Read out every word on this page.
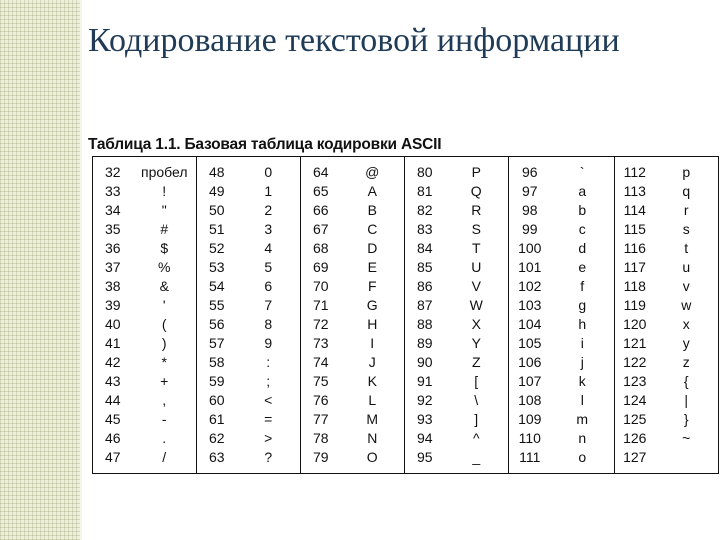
Кодирование текстовой информации
Таблица 1.1. Базовая таблица кодировки ASCII
32	пробел	48	0	64	@	80	P	96	`	112	p
33	!	49	1	65	A	81	Q	97	a	113	q
34	"	50	2	66	B	82	R	98	b	114	r
35	#	51	3	67	C	83	S	99	c	115	s
36	$	52	4	68	D	84	T	100	d	116	t
37	%	53	5	69	E	85	U	101	e	117	u
38	&	54	6	70	F	86	V	102	f	118	v
39	'	55	7	71	G	87	W	103	g	119	w
40	(	56	8	72	H	88	X	104	h	120	x
41	)	57	9	73	I	89	Y	105	i	121	y
42	*	58	:	74	J	90	Z	106	j	122	z
43	+	59	;	75	K	91	[	107	k	123	{
44	,	60	<	76	L	92	\	108	l	124	|
45	-	61	=	77	M	93	]	109	m	125	}
46	.	62	>	78	N	94	^	110	n	126	~
47	/	63	?	79	O	95	_	111	o	127	
